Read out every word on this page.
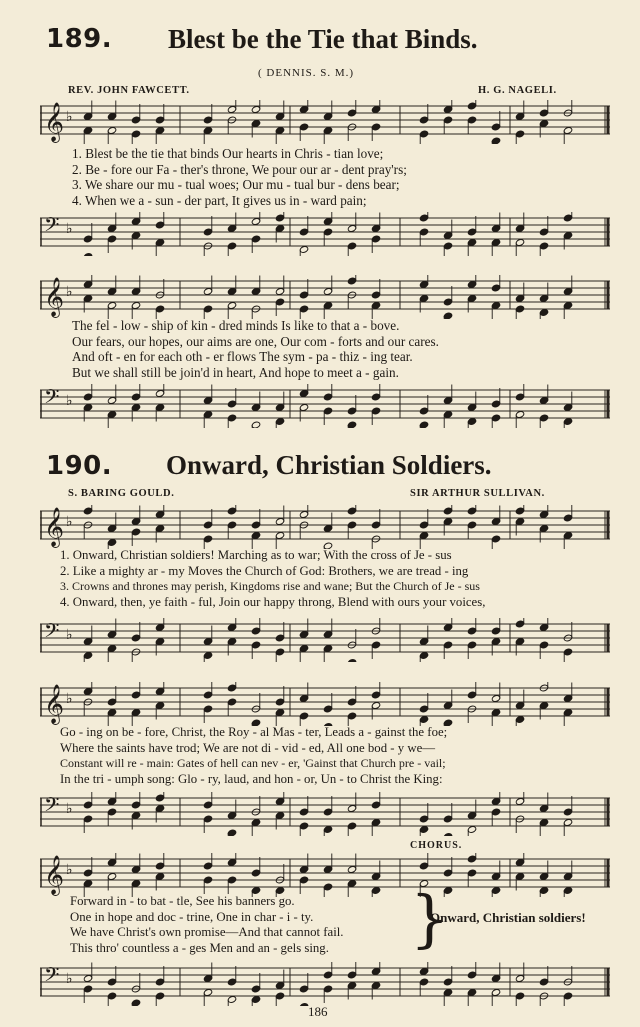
189. Blest be the Tie that Binds.
( DENNIS. S. M.)
REV. JOHN FAWCETT.	H. G. NAGELI.
𝄞 ♭
1. Blest be the tie that binds Our hearts in Chris - tian love;
2. Be - fore our Fa - ther's throne, We pour our ar - dent pray'rs;
3. We share our mu - tual woes; Our mu - tual bur - dens bear;
4. When we a - sun - der part, It gives us in - ward pain;
𝄢 ♭
𝄞 ♭
The fel - low - ship of kin - dred minds Is like to that a - bove.
Our fears, our hopes, our aims are one, Our com - forts and our cares.
And oft - en for each oth - er flows The sym - pa - thiz - ing tear.
But we shall still be join'd in heart, And hope to meet a - gain.
𝄢 ♭
190. Onward, Christian Soldiers.
S. BARING GOULD.	SIR ARTHUR SULLIVAN.
𝄞 ♭
1. Onward, Christian soldiers! Marching as to war; With the cross of Je - sus
2. Like a mighty ar - my Moves the Church of God: Brothers, we are tread - ing
3. Crowns and thrones may perish, Kingdoms rise and wane; But the Church of Je - sus
4. Onward, then, ye faith - ful, Join our happy throng, Blend with ours your voices,
𝄢 ♭
𝄞 ♭
Go - ing on be - fore, Christ, the Roy - al Mas - ter, Leads a - gainst the foe;
Where the saints have trod; We are not di - vid - ed, All one bod - y we—
Constant will re - main: Gates of hell can nev - er, 'Gainst that Church pre - vail;
In the tri - umph song: Glo - ry, laud, and hon - or, Un - to Christ the King:
𝄢 ♭
CHORUS.
𝄞 ♭
Forward in - to bat - tle, See his banners go.
One in hope and doc - trine, One in char - i - ty.
We have Christ's own promise—And that cannot fail.
This thro' countless a - ges Men and an - gels sing. }
Onward, Christian soldiers!
𝄢 ♭
186
